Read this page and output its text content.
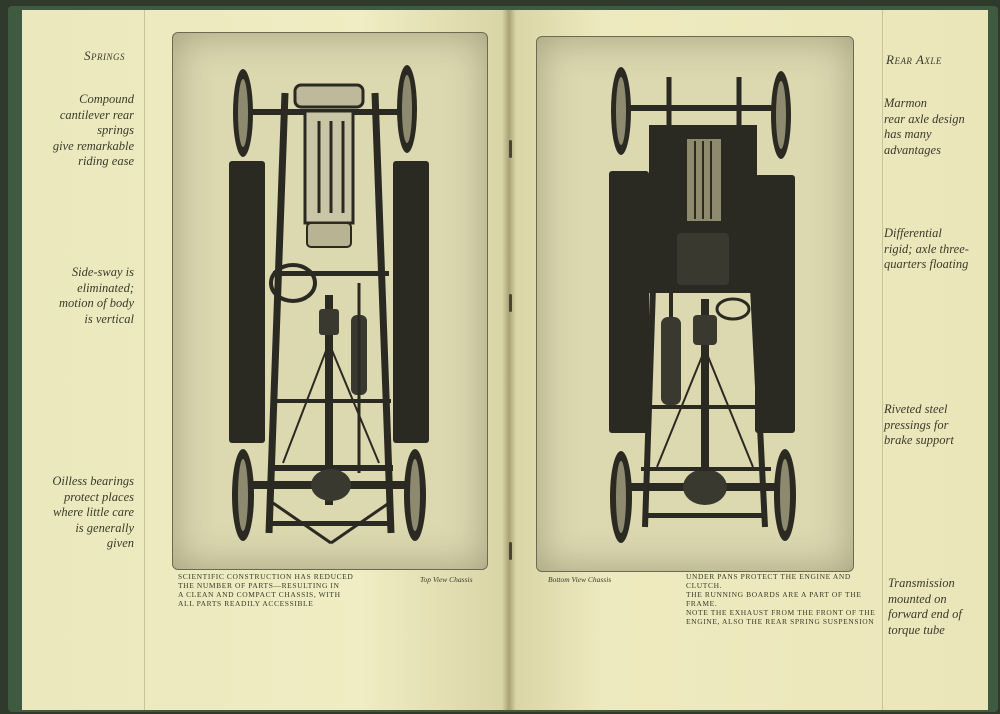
Springs
Compound
cantilever rear
springs
give remarkable
riding ease
Side-sway is
eliminated;
motion of body
is vertical
Oilless bearings
protect places
where little care
is generally
given
SCIENTIFIC CONSTRUCTION HAS REDUCED
THE NUMBER OF PARTS—RESULTING IN
A CLEAN AND COMPACT CHASSIS, WITH
ALL PARTS READILY ACCESSIBLE
Top View Chassis
Rear Axle
Marmon
rear axle design
has many
advantages
Differential
rigid; axle three-
quarters floating
Riveted steel
pressings for
brake support
Transmission
mounted on
forward end of
torque tube
Bottom View Chassis	UNDER PANS PROTECT THE ENGINE AND CLUTCH.
THE RUNNING BOARDS ARE A PART OF THE FRAME.
NOTE THE EXHAUST FROM THE FRONT OF THE
ENGINE, ALSO THE REAR SPRING SUSPENSION
